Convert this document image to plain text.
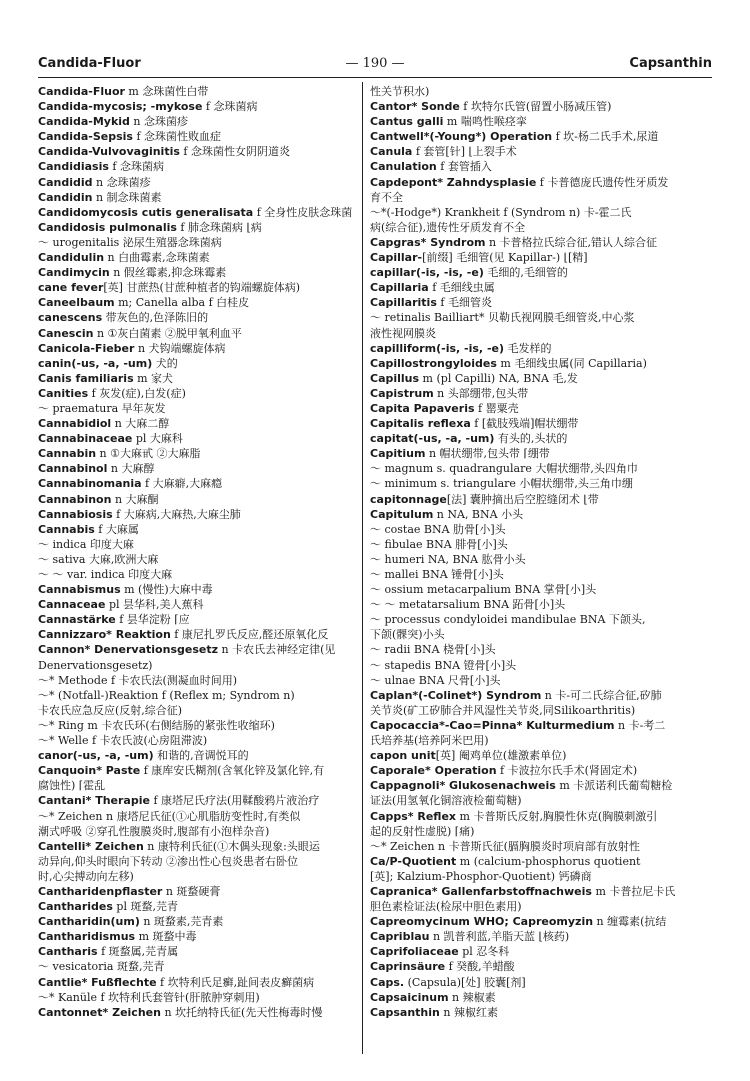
Candida-Fluor	— 190 —	Capsanthin
Candida-Fluor m 念珠菌性白带
Candida-mycosis; -mykose f 念珠菌病
Candida-Mykid n 念珠菌疹
Candida-Sepsis f 念珠菌性败血症
Candida-Vulvovaginitis f 念珠菌性女阴阴道炎
Candidiasis f 念珠菌病
Candidid n 念珠菌疹
Candidin n 制念珠菌素
Candidomycosis cutis generalisata f 全身性皮肤念珠菌
Candidosis pulmonalis f 肺念珠菌病 ⌊病
～ urogenitalis 泌尿生殖器念珠菌病
Candidulin n 白曲霉素,念珠菌素
Candimycin n 假丝霉素,抑念珠霉素
cane fever[英] 甘蔗热(甘蔗种植者的钩端螺旋体病)
Caneelbaum m; Canella alba f 白桂皮
canescens 带灰色的,色泽陈旧的
Canescin n ①灰白菌素 ②脱甲氧利血平
Canicola-Fieber n 犬钩端螺旋体病
canin(-us, -a, -um) 犬的
Canis familiaris m 家犬
Canities f 灰发(症),白发(症)
～ praematura 早年灰发
Cannabidiol n 大麻二醇
Cannabinaceae pl 大麻科
Cannabin n ①大麻甙 ②大麻脂
Cannabinol n 大麻醇
Cannabinomania f 大麻癖,大麻瘾
Cannabinon n 大麻酮
Cannabiosis f 大麻病,大麻热,大麻尘肺
Cannabis f 大麻属
～ indica 印度大麻
～ sativa 大麻,欧洲大麻
～ ～ var. indica 印度大麻
Cannabismus m (慢性)大麻中毒
Cannaceae pl 昙华科,美人蕉科
Cannastärke f 昙华淀粉 ⌈应
Cannizzaro* Reaktion f 康尼扎罗氏反应,醛还原氧化反
Cannon* Denervationsgesetz n 卡农氏去神经定律(见
Denervationsgesetz)
～* Methode f 卡农氏法(测凝血时间用)
～* (Notfall-)Reaktion f (Reflex m; Syndrom n)
卡农氏应急反应(反射,综合征)
～* Ring m 卡农氏环(右侧结肠的紧张性收缩环)
～* Welle f 卡农氏波(心房阻滞波)
canor(-us, -a, -um) 和谐的,音调悦耳的
Canquoin* Paste f 康库安氏糊剂(含氧化锌及氯化锌,有
腐蚀性) ⌈霍乱
Cantani* Therapie f 康塔尼氏疗法(用鞣酸鸦片液治疗
～* Zeichen n 康塔尼氏征(①心肌脂肪变性时,有类似
潮式呼吸 ②穿孔性腹膜炎时,腹部有小泡样杂音)
Cantelli* Zeichen n 康特利氏征(①木偶头现象:头眼运
动异向,仰头时眼向下转动 ②渗出性心包炎患者右卧位
时,心尖搏动向左移)
Cantharidenpflaster n 斑蝥硬膏
Cantharides pl 斑蝥,芫青
Cantharidin(um) n 斑蝥素,芫青素
Cantharidismus m 斑蝥中毒
Cantharis f 斑蝥属,芫青属
～ vesicatoria 斑蝥,芫青
Cantlie* Fußflechte f 坎特利氏足癣,趾间表皮癣菌病
～* Kanüle f 坎特利氏套管针(肝脓肿穿刺用)
Cantonnet* Zeichen n 坎托纳特氏征(先天性梅毒时慢
性关节积水)
Cantor* Sonde f 坎特尔氏管(留置小肠减压管)
Cantus galli m 喘鸣性喉痉挛
Cantwell*(-Young*) Operation f 坎-杨二氏手术,尿道
Canula f 套管[针] ⌊上裂手术
Canulation f 套管插入
Capdepont* Zahndysplasie f 卡普德庞氏遗传性牙质发
育不全
～*(-Hodge*) Krankheit f (Syndrom n) 卡-霍二氏
病(综合征),遗传性牙质发育不全
Capgras* Syndrom n 卡普格拉氏综合征,错认人综合征
Capillar-[前缀] 毛细管(见 Kapillar-) ⌊[精]
capillar(-is, -is, -e) 毛细的,毛细管的
Capillaria f 毛细线虫属
Capillaritis f 毛细管炎
～ retinalis Bailliart* 贝勒氏视网膜毛细管炎,中心浆
液性视网膜炎
capilliform(-is, -is, -e) 毛发样的
Capillostrongyloides m 毛细线虫属(同 Capillaria)
Capillus m (pl Capilli) NA, BNA 毛,发
Capistrum n 头部绷带,包头带
Capita Papaveris f 罂粟壳
Capitalis reflexa f [截肢残端]帽状绷带
capitat(-us, -a, -um) 有头的,头状的
Capitium n 帽状绷带,包头带 ⌈绷带
～ magnum s. quadrangulare 大帽状绷带,头四角巾
～ minimum s. triangulare 小帽状绷带,头三角巾绷
capitonnage[法] 囊肿摘出后空腔缝闭术 ⌊带
Capitulum n NA, BNA 小头
～ costae BNA 肋骨[小]头
～ fibulae BNA 腓骨[小]头
～ humeri NA, BNA 肱骨小头
～ mallei BNA 锤骨[小]头
～ ossium metacarpalium BNA 掌骨[小]头
～ ～ metatarsalium BNA 跖骨[小]头
～ processus condyloidei mandibulae BNA 下颌头,
下颌(髁突)小头
～ radii BNA 桡骨[小]头
～ stapedis BNA 镫骨[小]头
～ ulnae BNA 尺骨[小]头
Caplan*(-Colinet*) Syndrom n 卡-可二氏综合征,矽肺
关节炎(矿工矽肺合并风湿性关节炎,同Silikoarthritis)
Capocaccia*-Cao=Pinna* Kulturmedium n 卡-考二
氏培养基(培养阿米巴用)
capon unit[英] 阉鸡单位(雄激素单位)
Caporale* Operation f 卡波拉尔氏手术(肾固定术)
Cappagnoli* Glukosenachweis m 卡派诺利氏葡萄糖检
证法(用氢氧化铜溶液检葡萄糖)
Capps* Reflex m 卡普斯氏反射,胸膜性休克(胸膜刺激引
起的反射性虚脱) ⌈痛)
～* Zeichen n 卡普斯氏征(膈胸膜炎时项肩部有放射性
Ca/P-Quotient m (calcium-phosphorus quotient
[英]; Kalzium-Phosphor-Quotient) 钙磷商
Capranica* Gallenfarbstoffnachweis m 卡普拉尼卡氏
胆色素检证法(检尿中胆色素用)
Capreomycinum WHO; Capreomyzin n 缠霉素(抗结
Capriblau n 凯普利蓝,羊脂天蓝 ⌊核药)
Caprifoliaceae pl 忍冬科
Caprinsäure f 癸酸,羊蜡酸
Caps. (Capsula)[处] 胶囊[剂]
Capsaicinum n 辣椒素
Capsanthin n 辣椒红素
